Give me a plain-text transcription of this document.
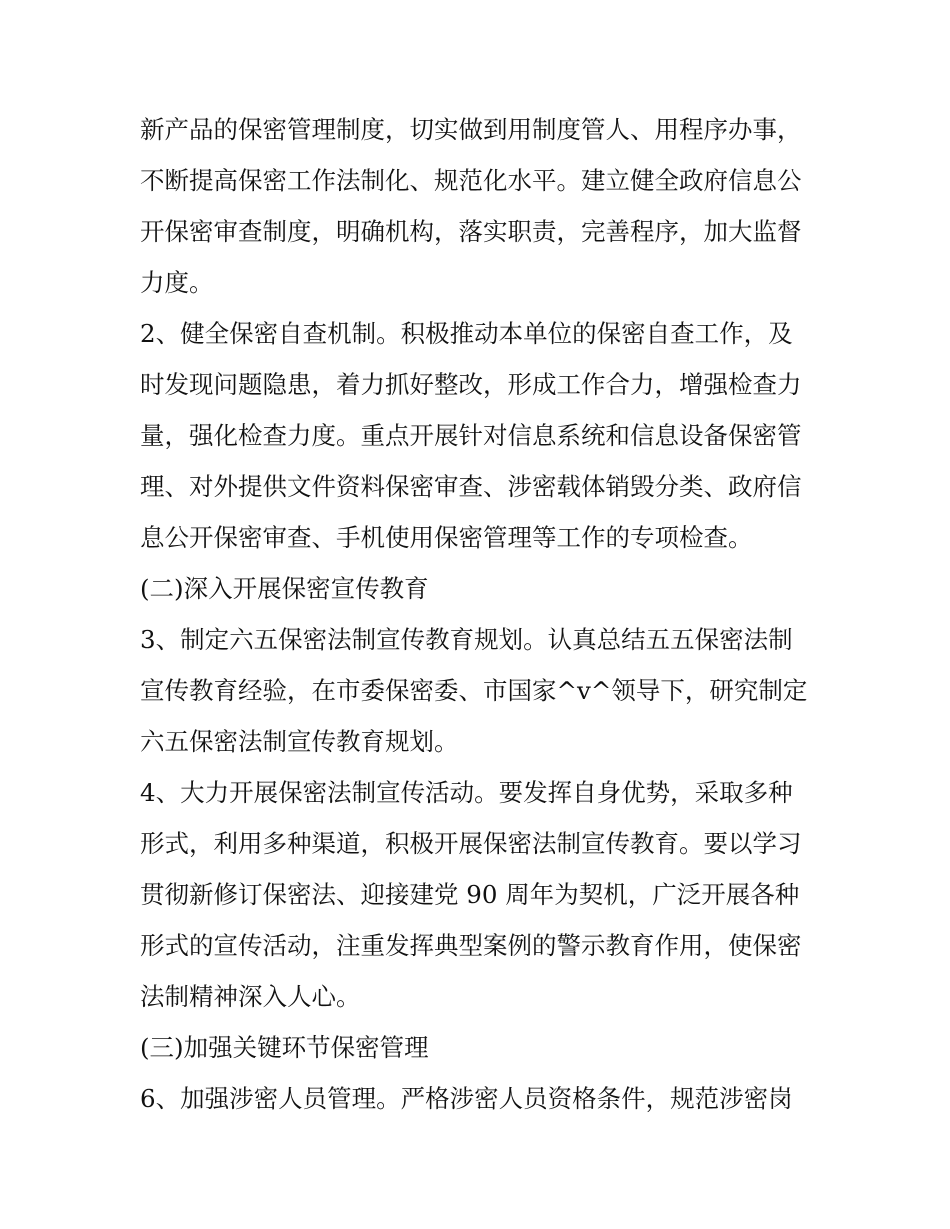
新产品的保密管理制度，切实做到用制度管人、用程序办事，
不断提高保密工作法制化、规范化水平。建立健全政府信息公
开保密审查制度，明确机构，落实职责，完善程序，加大监督
力度。
2、健全保密自查机制。积极推动本单位的保密自查工作，及
时发现问题隐患，着力抓好整改，形成工作合力，增强检查力
量，强化检查力度。重点开展针对信息系统和信息设备保密管
理、对外提供文件资料保密审查、涉密载体销毁分类、政府信
息公开保密审查、手机使用保密管理等工作的专项检查。
(二)深入开展保密宣传教育
3、制定六五保密法制宣传教育规划。认真总结五五保密法制
宣传教育经验，在市委保密委、市国家^v^领导下，研究制定
六五保密法制宣传教育规划。
4、大力开展保密法制宣传活动。要发挥自身优势，采取多种
形式，利用多种渠道，积极开展保密法制宣传教育。要以学习
贯彻新修订保密法、迎接建党 90 周年为契机，广泛开展各种
形式的宣传活动，注重发挥典型案例的警示教育作用，使保密
法制精神深入人心。
(三)加强关键环节保密管理
6、加强涉密人员管理。严格涉密人员资格条件，规范涉密岗
